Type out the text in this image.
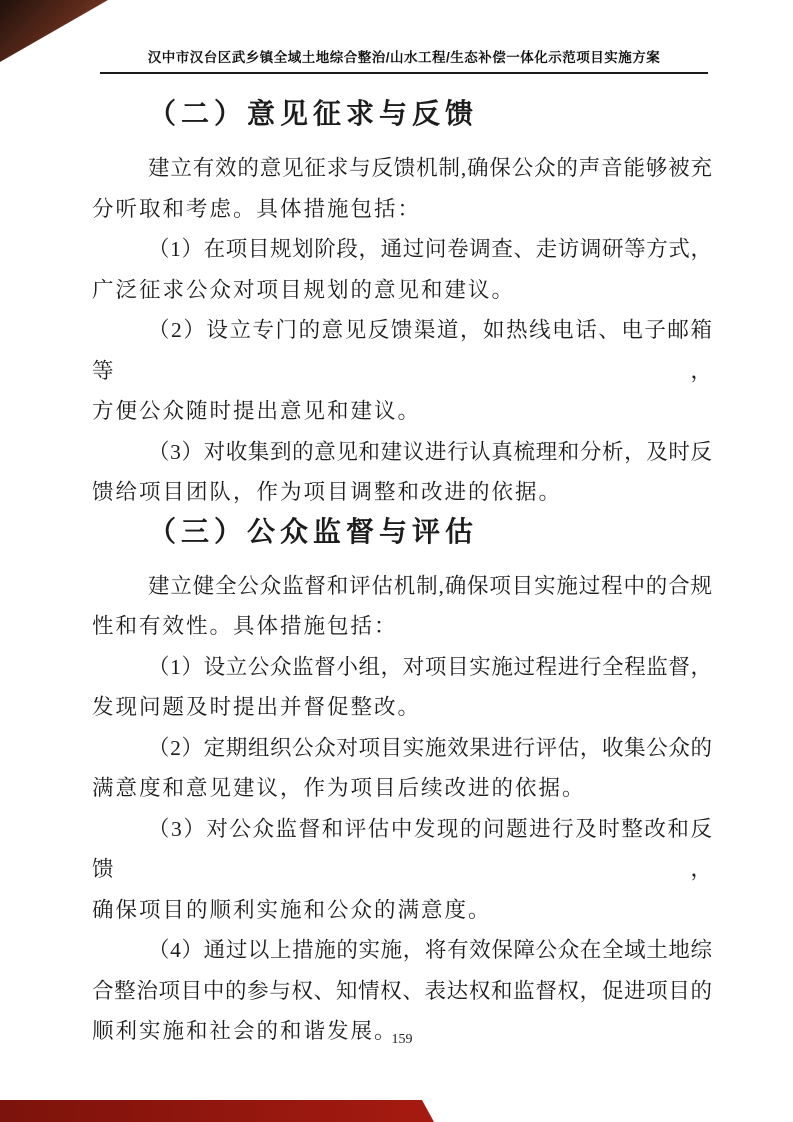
汉中市汉台区武乡镇全域土地综合整治/山水工程/生态补偿一体化示范项目实施方案
（二）意见征求与反馈
建立有效的意见征求与反馈机制,确保公众的声音能够被充
分听取和考虑。具体措施包括：
（1）在项目规划阶段，通过问卷调查、走访调研等方式，
广泛征求公众对项目规划的意见和建议。
（2）设立专门的意见反馈渠道，如热线电话、电子邮箱等，
方便公众随时提出意见和建议。
（3）对收集到的意见和建议进行认真梳理和分析，及时反
馈给项目团队，作为项目调整和改进的依据。
（三）公众监督与评估
建立健全公众监督和评估机制,确保项目实施过程中的合规
性和有效性。具体措施包括：
（1）设立公众监督小组，对项目实施过程进行全程监督，
发现问题及时提出并督促整改。
（2）定期组织公众对项目实施效果进行评估，收集公众的
满意度和意见建议，作为项目后续改进的依据。
（3）对公众监督和评估中发现的问题进行及时整改和反馈，
确保项目的顺利实施和公众的满意度。
（4）通过以上措施的实施，将有效保障公众在全域土地综
合整治项目中的参与权、知情权、表达权和监督权，促进项目的
顺利实施和社会的和谐发展。
159
